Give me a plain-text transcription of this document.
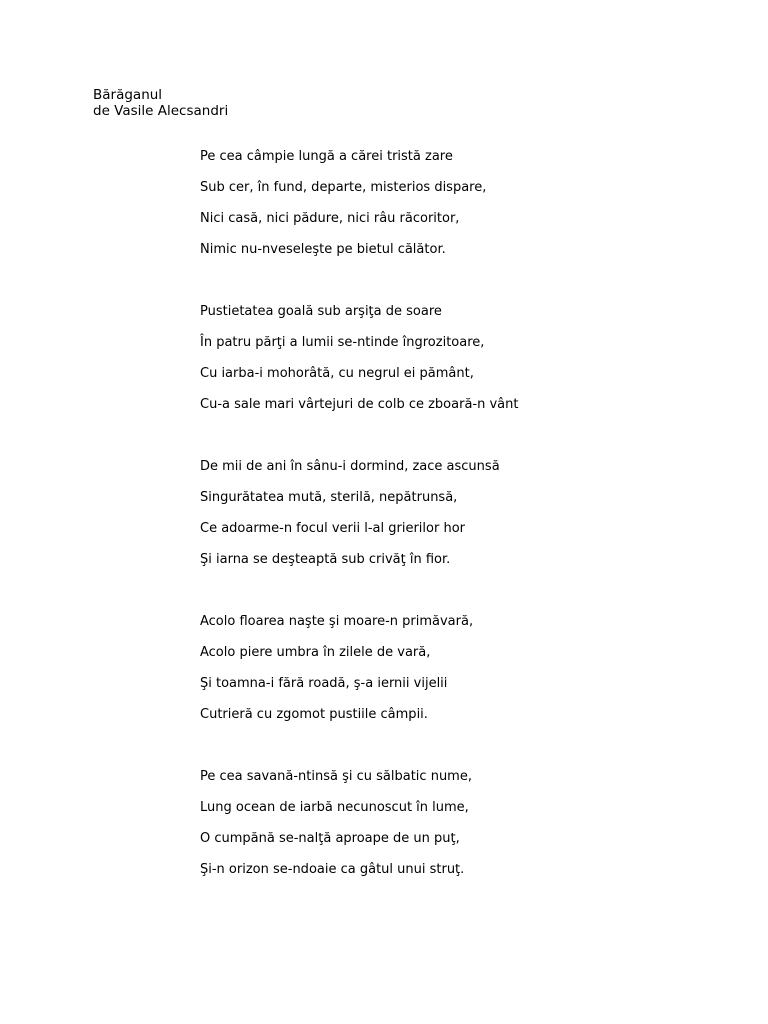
Bărăganul
de Vasile Alecsandri
Pe cea câmpie lungă a cărei tristă zare
Sub cer, în fund, departe, misterios dispare,
Nici casă, nici pădure, nici râu răcoritor,
Nimic nu-nveseleşte pe bietul călător.
Pustietatea goală sub arşiţa de soare
În patru părţi a lumii se-ntinde îngrozitoare,
Cu iarba-i mohorâtă, cu negrul ei pământ,
Cu-a sale mari vârtejuri de colb ce zboară-n vânt
De mii de ani în sânu-i dormind, zace ascunsă
Singurătatea mută, sterilă, nepătrunsă,
Ce adoarme-n focul verii l-al grierilor hor
Şi iarna se deşteaptă sub crivăţ în fior.
Acolo floarea naşte şi moare-n primăvară,
Acolo piere umbra în zilele de vară,
Şi toamna-i fără roadă, ş-a iernii vijelii
Cutrieră cu zgomot pustiile câmpii.
Pe cea savană-ntinsă şi cu sălbatic nume,
Lung ocean de iarbă necunoscut în lume,
O cumpănă se-nalţă aproape de un puţ,
Şi-n orizon se-ndoaie ca gâtul unui struţ.
